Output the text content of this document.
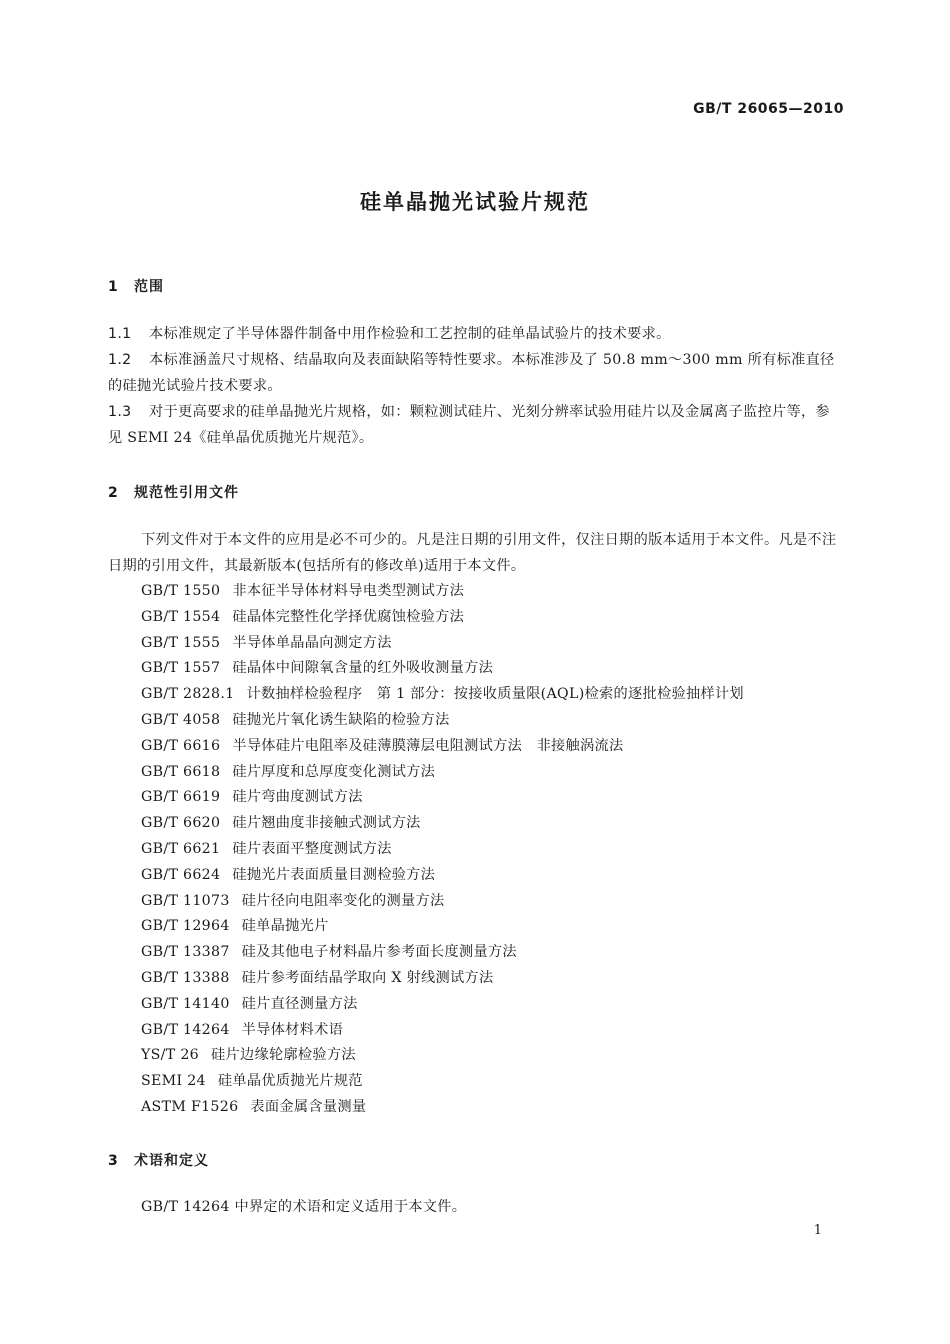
GB/T 26065—2010
硅单晶抛光试验片规范
1 范围
1.1 本标准规定了半导体器件制备中用作检验和工艺控制的硅单晶试验片的技术要求。
1.2 本标准涵盖尺寸规格、结晶取向及表面缺陷等特性要求。本标准涉及了 50.8 mm～300 mm 所有标准直径的硅抛光试验片技术要求。
1.3 对于更高要求的硅单晶抛光片规格，如：颗粒测试硅片、光刻分辨率试验用硅片以及金属离子监控片等，参见 SEMI 24《硅单晶优质抛光片规范》。
2 规范性引用文件
下列文件对于本文件的应用是必不可少的。凡是注日期的引用文件，仅注日期的版本适用于本文件。凡是不注日期的引用文件，其最新版本(包括所有的修改单)适用于本文件。
GB/T 1550 非本征半导体材料导电类型测试方法
GB/T 1554 硅晶体完整性化学择优腐蚀检验方法
GB/T 1555 半导体单晶晶向测定方法
GB/T 1557 硅晶体中间隙氧含量的红外吸收测量方法
GB/T 2828.1 计数抽样检验程序　第 1 部分：按接收质量限(AQL)检索的逐批检验抽样计划
GB/T 4058 硅抛光片氧化诱生缺陷的检验方法
GB/T 6616 半导体硅片电阻率及硅薄膜薄层电阻测试方法　非接触涡流法
GB/T 6618 硅片厚度和总厚度变化测试方法
GB/T 6619 硅片弯曲度测试方法
GB/T 6620 硅片翘曲度非接触式测试方法
GB/T 6621 硅片表面平整度测试方法
GB/T 6624 硅抛光片表面质量目测检验方法
GB/T 11073 硅片径向电阻率变化的测量方法
GB/T 12964 硅单晶抛光片
GB/T 13387 硅及其他电子材料晶片参考面长度测量方法
GB/T 13388 硅片参考面结晶学取向 X 射线测试方法
GB/T 14140 硅片直径测量方法
GB/T 14264 半导体材料术语
YS/T 26 硅片边缘轮廓检验方法
SEMI 24 硅单晶优质抛光片规范
ASTM F1526 表面金属含量测量
3 术语和定义
GB/T 14264 中界定的术语和定义适用于本文件。
1
